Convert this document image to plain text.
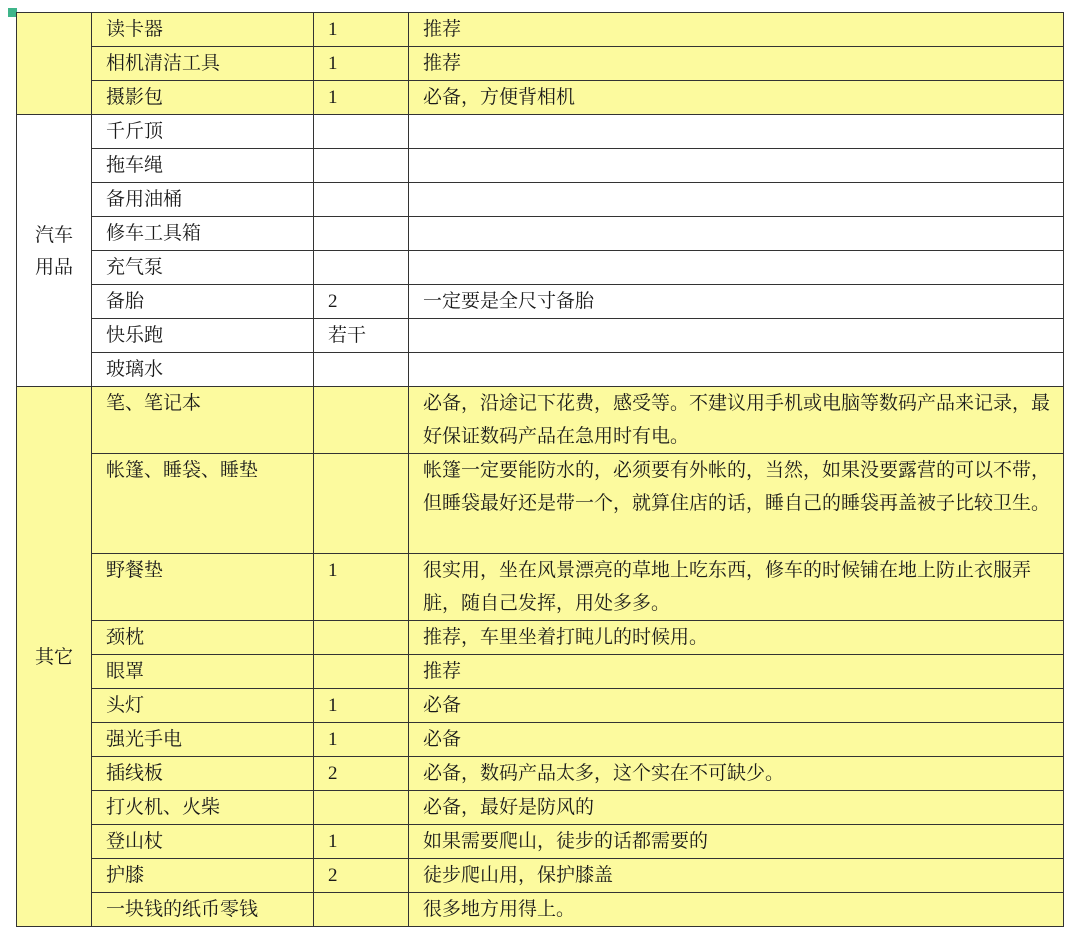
	读卡器	1	推荐
	相机清洁工具	1	推荐
	摄影包	1	必备，方便背相机

汽车用品	千斤顶		
	拖车绳		
	备用油桶		
	修车工具箱		
	充气泵		
	备胎	2	一定要是全尺寸备胎
	快乐跑	若干	
	玻璃水		
其它	笔、笔记本		必备，沿途记下花费，感受等。不建议用手机或电脑等数码产品来记录，最好保证数码产品在急用时有电。
	帐篷、睡袋、睡垫		帐篷一定要能防水的，必须要有外帐的，当然，如果没要露营的可以不带，但睡袋最好还是带一个，就算住店的话，睡自己的睡袋再盖被子比较卫生。
	野餐垫	1	很实用，坐在风景漂亮的草地上吃东西，修车的时候铺在地上防止衣服弄脏，随自己发挥，用处多多。
	颈枕		推荐，车里坐着打盹儿的时候用。
	眼罩		推荐
	头灯	1	必备
	强光手电	1	必备
	插线板	2	必备，数码产品太多，这个实在不可缺少。
	打火机、火柴		必备，最好是防风的
	登山杖	1	如果需要爬山，徒步的话都需要的
	护膝	2	徒步爬山用，保护膝盖
	一块钱的纸币零钱		很多地方用得上。
